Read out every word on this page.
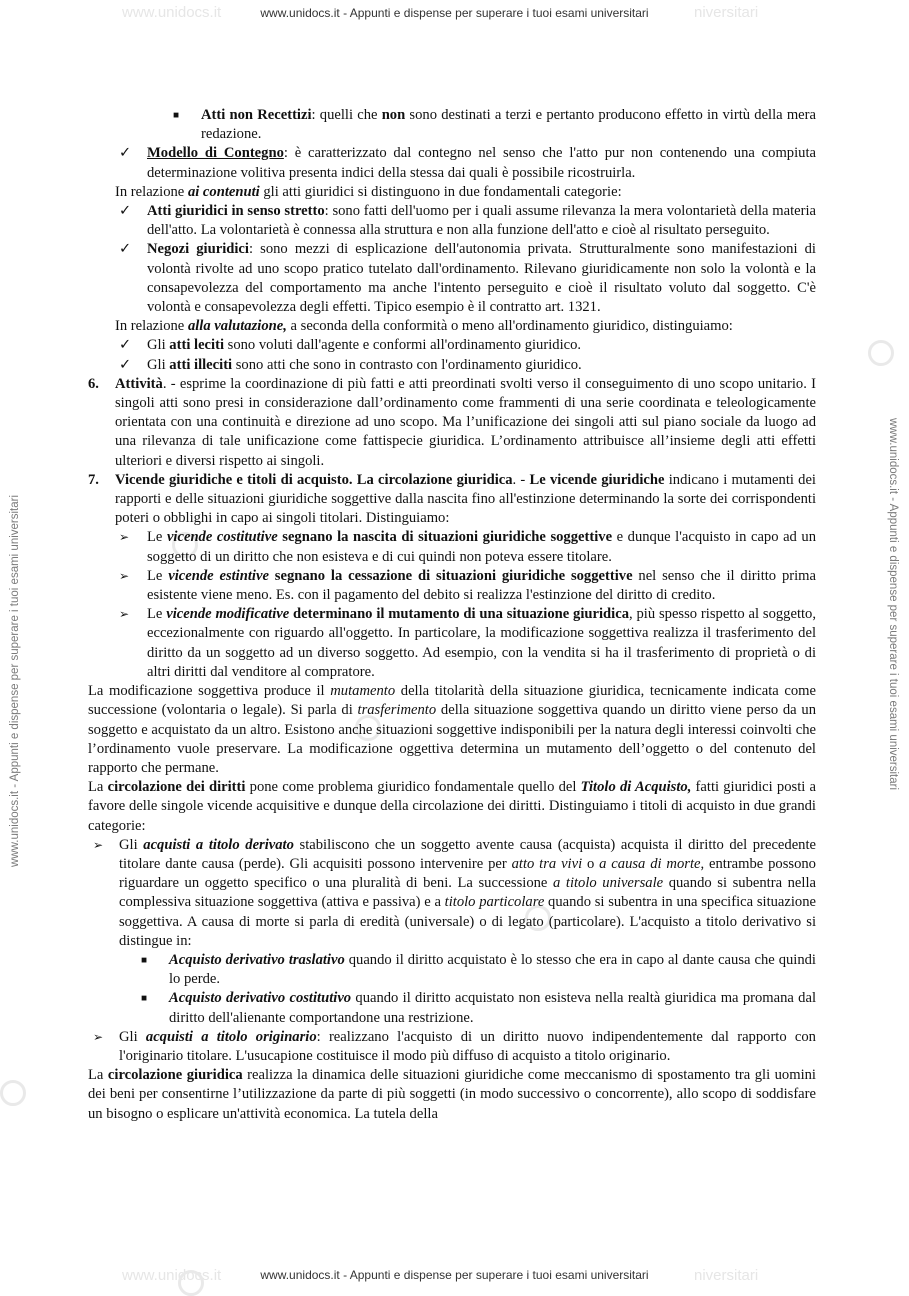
www.unidocs.it	niversitari
www.unidocs.it	niversitari
www.unidocs.it - Appunti e dispense per superare i tuoi esami universitari
www.unidocs.it - Appunti e dispense per superare i tuoi esami universitari	www.unidocs.it - Appunti e dispense per superare i tuoi esami universitari

■ Atti non Recettizi: quelli che non sono destinati a terzi e pertanto producono effetto in virtù della mera redazione.

✓ Modello di Contegno: è caratterizzato dal contegno nel senso che l'atto pur non contenendo una compiuta determinazione volitiva presenta indici della stessa dai quali è possibile ricostruirla.

In relazione ai contenuti gli atti giuridici si distinguono in due fondamentali categorie:

✓ Atti giuridici in senso stretto: sono fatti dell'uomo per i quali assume rilevanza la mera volontarietà della materia dell'atto. La volontarietà è connessa alla struttura e non alla funzione dell'atto e cioè al risultato perseguito.

✓ Negozi giuridici: sono mezzi di esplicazione dell'autonomia privata. Strutturalmente sono manifestazioni di volontà rivolte ad uno scopo pratico tutelato dall'ordinamento. Rilevano giuridicamente non solo la volontà e la consapevolezza del comportamento ma anche l'intento perseguito e cioè il risultato voluto dal soggetto. C'è volontà e consapevolezza degli effetti. Tipico esempio è il contratto art. 1321.

In relazione alla valutazione, a seconda della conformità o meno all'ordinamento giuridico, distinguiamo:

✓ Gli atti leciti sono voluti dall'agente e conformi all'ordinamento giuridico.

✓ Gli atti illeciti sono atti che sono in contrasto con l'ordinamento giuridico.

6. Attività. - esprime la coordinazione di più fatti e atti preordinati svolti verso il conseguimento di uno scopo unitario. I singoli atti sono presi in considerazione dall’ordinamento come frammenti di una serie coordinata e teleologicamente orientata con una continuità e direzione ad uno scopo. Ma l’unificazione dei singoli atti sul piano sociale da luogo ad una rilevanza di tale unificazione come fattispecie giuridica. L’ordinamento attribuisce all’insieme degli atti effetti ulteriori e diversi rispetto ai singoli.

7. Vicende giuridiche e titoli di acquisto. La circolazione giuridica. - Le vicende giuridiche indicano i mutamenti dei rapporti e delle situazioni giuridiche soggettive dalla nascita fino all'estinzione determinando la sorte dei corrispondenti poteri o obblighi in capo ai singoli titolari. Distinguiamo:

➢ Le vicende costitutive segnano la nascita di situazioni giuridiche soggettive e dunque l'acquisto in capo ad un soggetto di un diritto che non esisteva e di cui quindi non poteva essere titolare.

➢ Le vicende estintive segnano la cessazione di situazioni giuridiche soggettive nel senso che il diritto prima esistente viene meno. Es. con il pagamento del debito si realizza l'estinzione del diritto di credito.

➢ Le vicende modificative determinano il mutamento di una situazione giuridica, più spesso rispetto al soggetto, eccezionalmente con riguardo all'oggetto. In particolare, la modificazione soggettiva realizza il trasferimento del diritto da un soggetto ad un diverso soggetto. Ad esempio, con la vendita si ha il trasferimento di proprietà o di altri diritti dal venditore al compratore.

La modificazione soggettiva produce il mutamento della titolarità della situazione giuridica, tecnicamente indicata come successione (volontaria o legale). Si parla di trasferimento della situazione soggettiva quando un diritto viene perso da un soggetto e acquistato da un altro. Esistono anche situazioni soggettive indisponibili per la natura degli interessi coinvolti che l’ordinamento vuole preservare. La modificazione oggettiva determina un mutamento dell’oggetto o del contenuto del rapporto che permane.

La circolazione dei diritti pone come problema giuridico fondamentale quello del Titolo di Acquisto, fatti giuridici posti a favore delle singole vicende acquisitive e dunque della circolazione dei diritti. Distinguiamo i titoli di acquisto in due grandi categorie:

➢ Gli acquisti a titolo derivato stabiliscono che un soggetto avente causa (acquista) acquista il diritto del precedente titolare dante causa (perde). Gli acquisiti possono intervenire per atto tra vivi o a causa di morte, entrambe possono riguardare un oggetto specifico o una pluralità di beni. La successione a titolo universale quando si subentra nella complessiva situazione soggettiva (attiva e passiva) e a titolo particolare quando si subentra in una specifica situazione soggettiva. A causa di morte si parla di eredità (universale) o di legato (particolare). L'acquisto a titolo derivativo si distingue in:

■ Acquisto derivativo traslativo quando il diritto acquistato è lo stesso che era in capo al dante causa che quindi lo perde.

■ Acquisto derivativo costitutivo quando il diritto acquistato non esisteva nella realtà giuridica ma promana dal diritto dell'alienante comportandone una restrizione.

➢ Gli acquisti a titolo originario: realizzano l'acquisto di un diritto nuovo indipendentemente dal rapporto con l'originario titolare. L'usucapione costituisce il modo più diffuso di acquisto a titolo originario.

La circolazione giuridica realizza la dinamica delle situazioni giuridiche come meccanismo di spostamento tra gli uomini dei beni per consentirne l’utilizzazione da parte di più soggetti (in modo successivo o concorrente), allo scopo di soddisfare un bisogno o esplicare un'attività economica. La tutela della

www.unidocs.it - Appunti e dispense per superare i tuoi esami universitari
